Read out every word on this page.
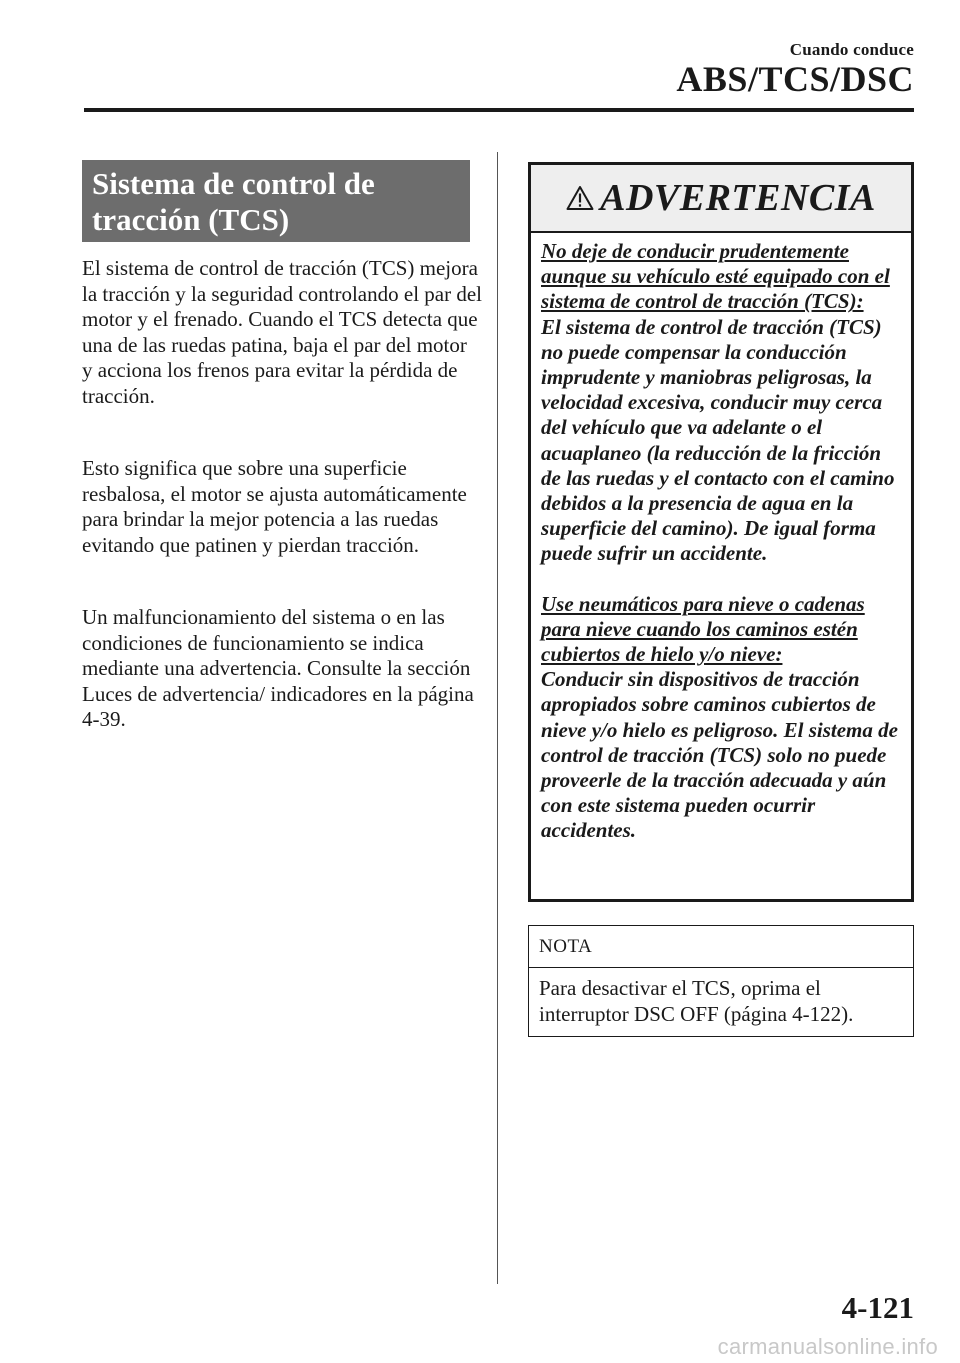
Cuando conduce
ABS/TCS/DSC
Sistema de control de tracción (TCS)

El sistema de control de tracción (TCS) mejora la tracción y la seguridad controlando el par del motor y el frenado. Cuando el TCS detecta que una de las ruedas patina, baja el par del motor y acciona los frenos para evitar la pérdida de tracción.

Esto significa que sobre una superficie resbalosa, el motor se ajusta automáticamente para brindar la mejor potencia a las ruedas evitando que patinen y pierdan tracción.

Un malfuncionamiento del sistema o en las condiciones de funcionamiento se indica mediante una advertencia. Consulte la sección Luces de advertencia/ indicadores en la página 4-39.

ADVERTENCIA

No deje de conducir prudentemente aunque su vehículo esté equipado con el sistema de control de tracción (TCS):

El sistema de control de tracción (TCS) no puede compensar la conducción imprudente y maniobras peligrosas, la velocidad excesiva, conducir muy cerca del vehículo que va adelante o el acuaplaneo (la reducción de la fricción de las ruedas y el contacto con el camino debidos a la presencia de agua en la superficie del camino). De igual forma puede sufrir un accidente.

Use neumáticos para nieve o cadenas para nieve cuando los caminos estén cubiertos de hielo y/o nieve:

Conducir sin dispositivos de tracción apropiados sobre caminos cubiertos de nieve y/o hielo es peligroso. El sistema de control de tracción (TCS) solo no puede proveerle de la tracción adecuada y aún con este sistema pueden ocurrir accidentes.

NOTA

Para desactivar el TCS, oprima el interruptor DSC OFF (página 4-122).

4-121
carmanualsonline.info
